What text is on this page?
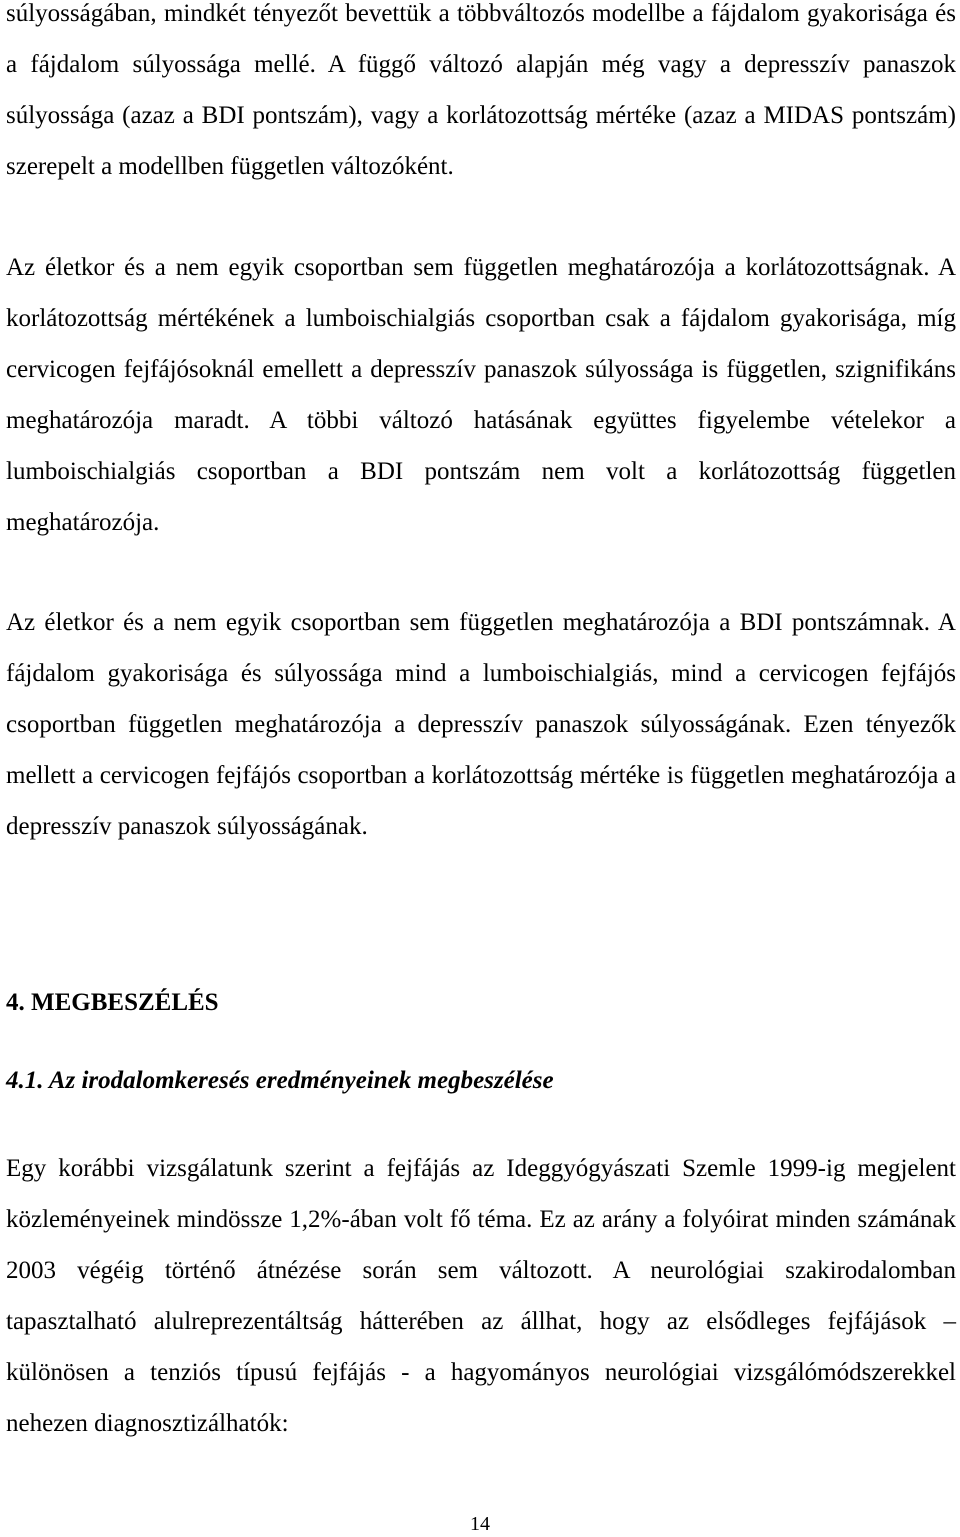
súlyosságában, mindkét tényezőt bevettük a többváltozós modellbe a fájdalom gyakorisága és a fájdalom súlyossága mellé. A függő változó alapján még vagy a depresszív panaszok súlyossága (azaz a BDI pontszám), vagy a korlátozottság mértéke (azaz a MIDAS pontszám) szerepelt a modellben független változóként.

Az életkor és a nem egyik csoportban sem független meghatározója a korlátozottságnak. A korlátozottság mértékének a lumboischialgiás csoportban csak a fájdalom gyakorisága, míg cervicogen fejfájósoknál emellett a depresszív panaszok súlyossága is független, szignifikáns meghatározója maradt. A többi változó hatásának együttes figyelembe vételekor a lumboischialgiás csoportban a BDI pontszám nem volt a korlátozottság független meghatározója.

Az életkor és a nem egyik csoportban sem független meghatározója a BDI pontszámnak. A fájdalom gyakorisága és súlyossága mind a lumboischialgiás, mind a cervicogen fejfájós csoportban független meghatározója a depresszív panaszok súlyosságának. Ezen tényezők mellett a cervicogen fejfájós csoportban a korlátozottság mértéke is független meghatározója a depresszív panaszok súlyosságának.

4. MEGBESZÉLÉS
4.1. Az irodalomkeresés eredményeinek megbeszélése

Egy korábbi vizsgálatunk szerint a fejfájás az Ideggyógyászati Szemle 1999-ig megjelent közleményeinek mindössze 1,2%-ában volt fő téma. Ez az arány a folyóirat minden számának 2003 végéig történő átnézése során sem változott. A neurológiai szakirodalomban tapasztalható alulreprezentáltság hátterében az állhat, hogy az elsődleges fejfájások – különösen a tenziós típusú fejfájás - a hagyományos neurológiai vizsgálómódszerekkel nehezen diagnosztizálhatók:

14
